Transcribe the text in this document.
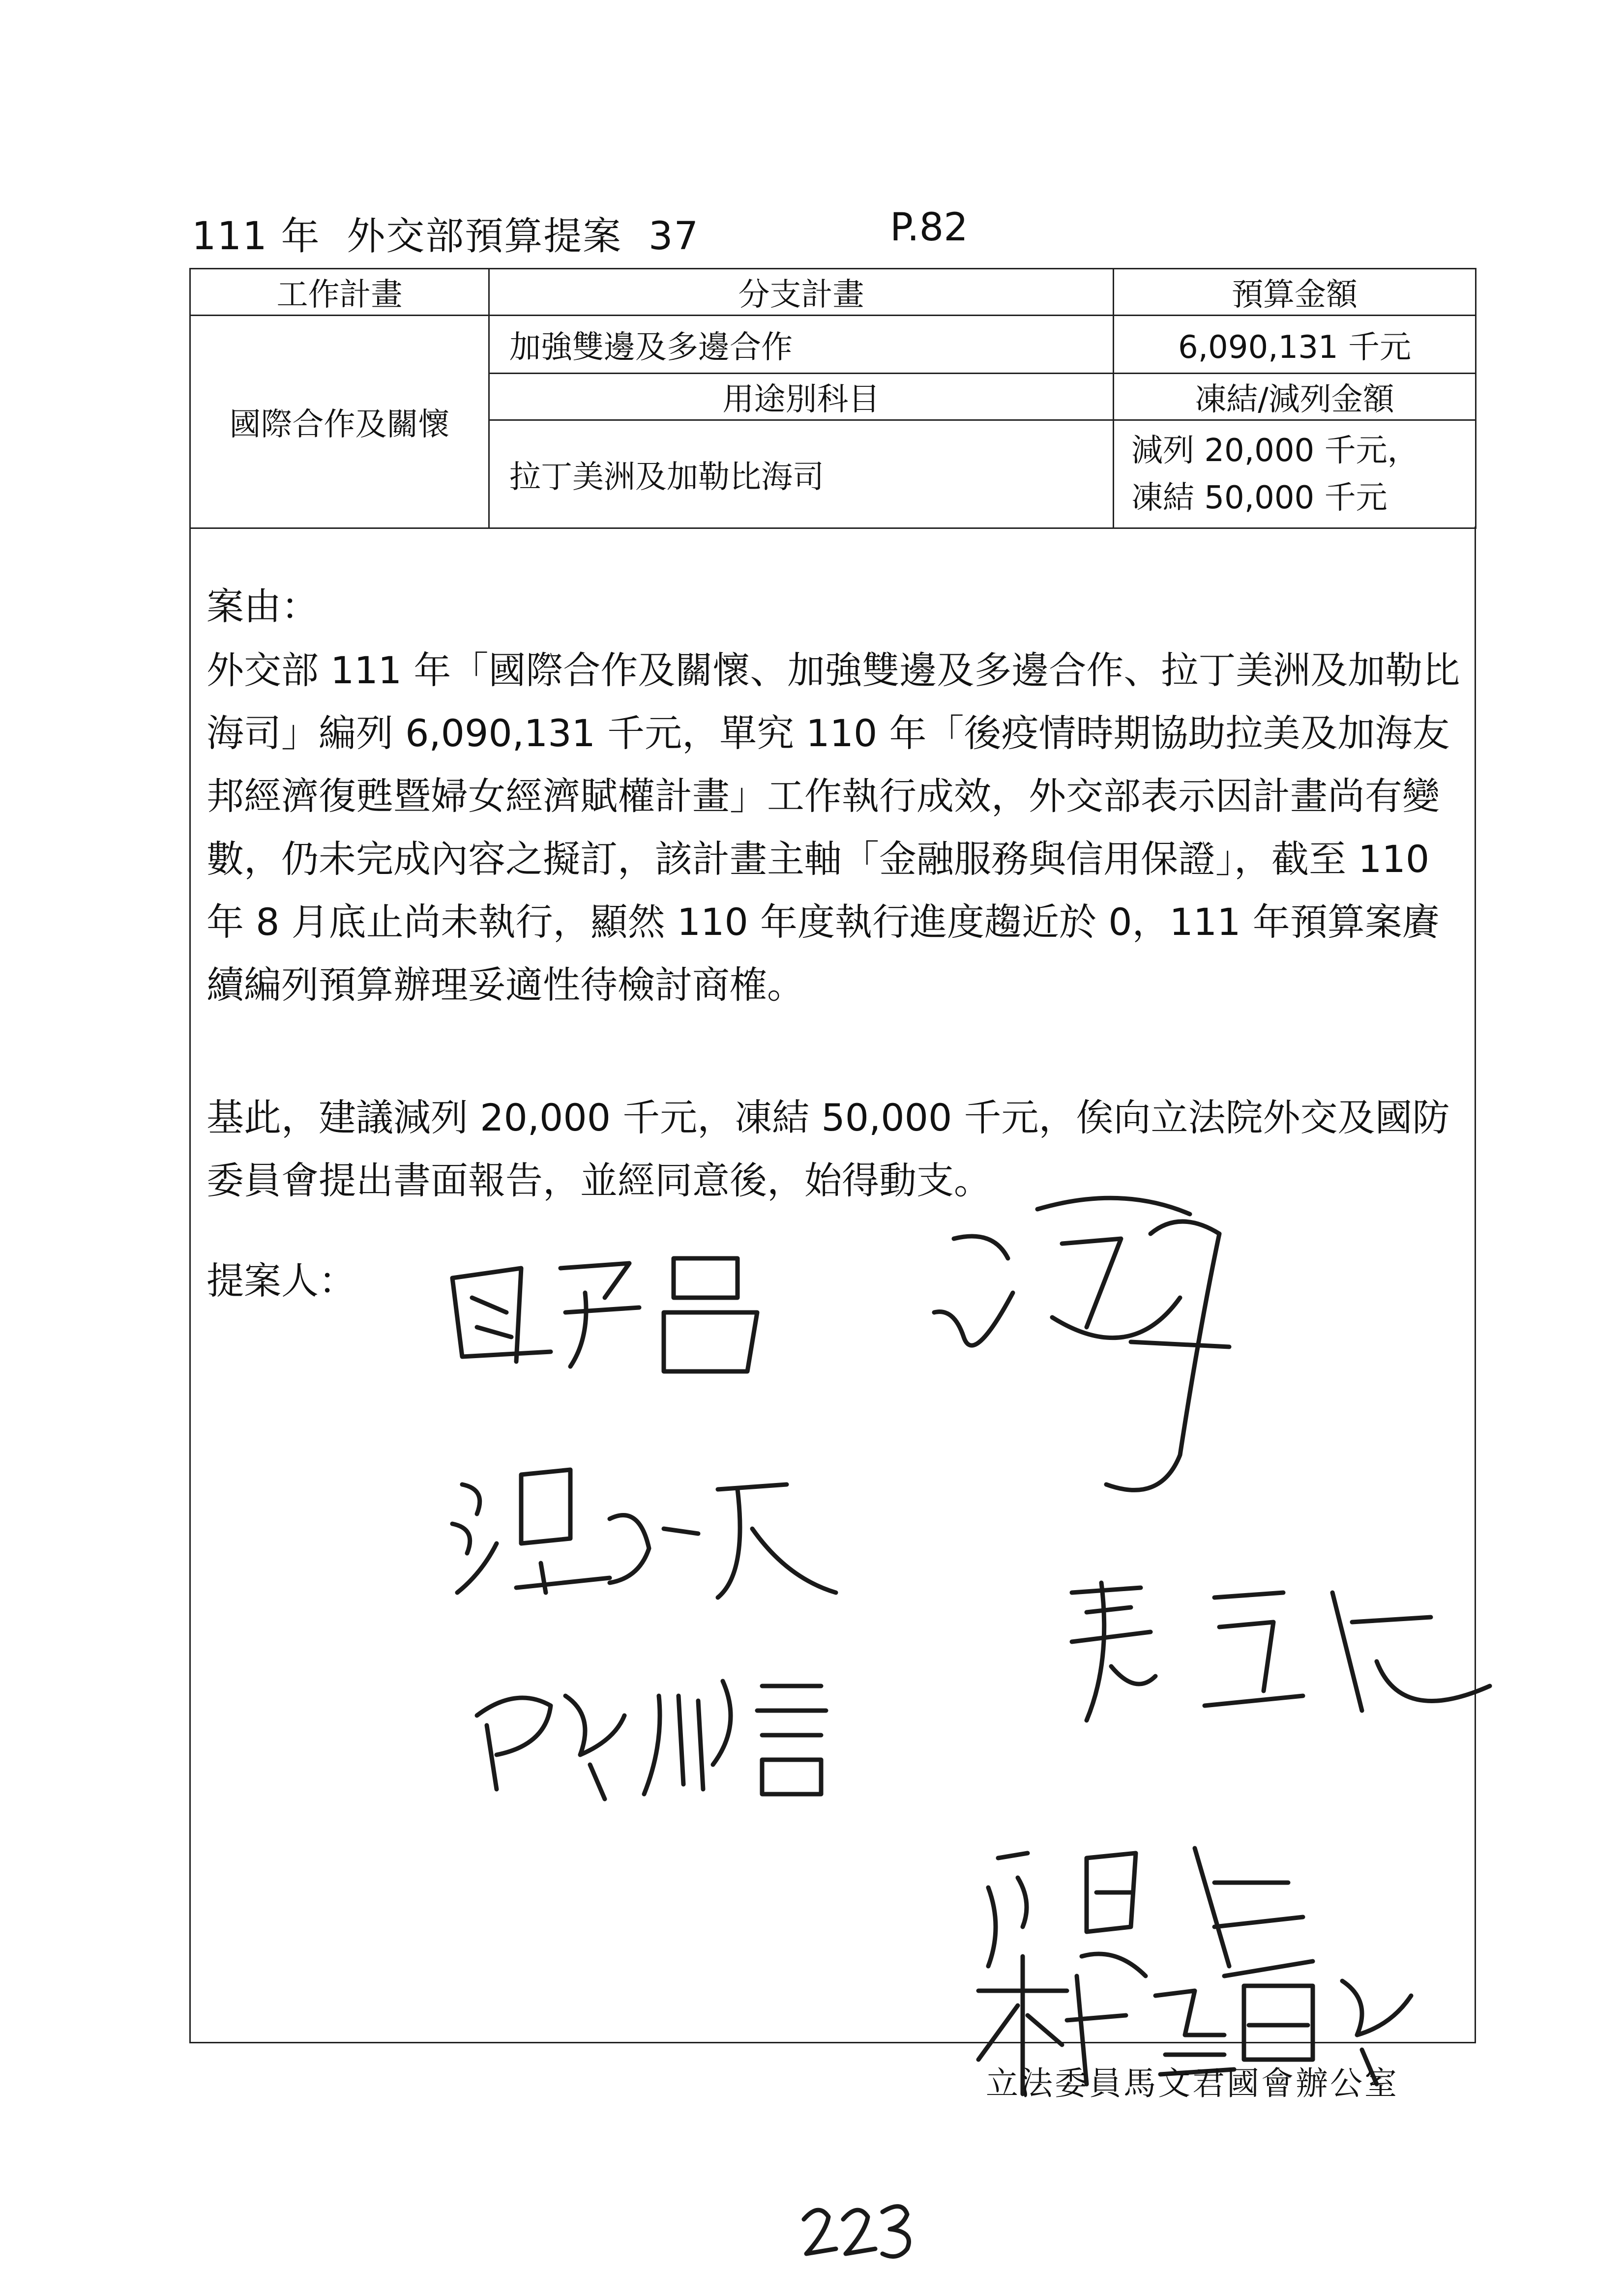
111 年  外交部預算提案  37	P.82
工作計畫	分支計畫	預算金額
國際合作及關懷	加強雙邊及多邊合作	6,090,131 千元
	用途別科目	凍結/減列金額
	拉丁美洲及加勒比海司	減列 20,000 千元，
凍結 50,000 千元
案由：
外交部 111 年「國際合作及關懷、加強雙邊及多邊合作、拉丁美洲及加勒比海司」編列 6,090,131 千元，單究 110 年「後疫情時期協助拉美及加海友邦經濟復甦暨婦女經濟賦權計畫」工作執行成效，外交部表示因計畫尚有變數，仍未完成內容之擬訂，該計畫主軸「金融服務與信用保證」，截至 110 年 8 月底止尚未執行，顯然 110 年度執行進度趨近於 0，111 年預算案賡續編列預算辦理妥適性待檢討商榷。
基此，建議減列 20,000 千元，凍結 50,000 千元，俟向立法院外交及國防委員會提出書面報告，並經同意後，始得動支。
提案人：
立法委員馬文君國會辦公室
